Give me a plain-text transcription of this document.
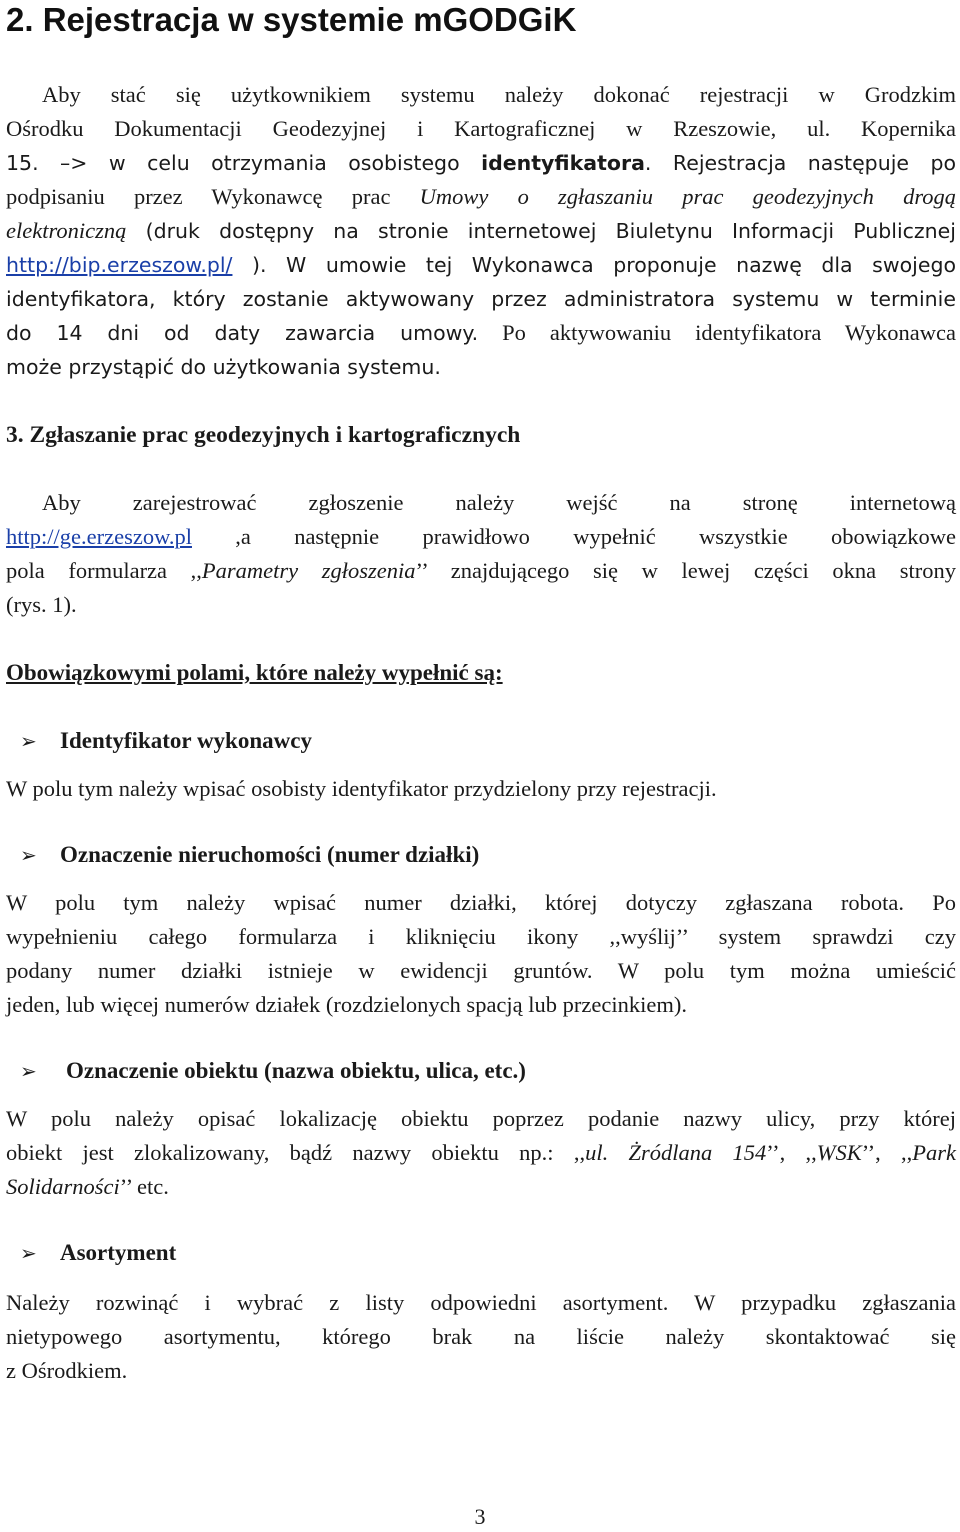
2. Rejestracja w systemie mGODGiK
Aby stać się użytkownikiem systemu należy dokonać rejestracji w Grodzkim
Ośrodku Dokumentacji Geodezyjnej i Kartograficznej w Rzeszowie, ul. Kopernika
15. –> w celu otrzymania osobistego identyfikatora. Rejestracja następuje po
podpisaniu przez Wykonawcę prac Umowy o zgłaszaniu prac geodezyjnych drogą
elektroniczną (druk dostępny na stronie internetowej Biuletynu Informacji Publicznej
http://bip.erzeszow.pl/ ). W umowie tej Wykonawca proponuje nazwę dla swojego
identyfikatora, który zostanie aktywowany przez administratora systemu w terminie
do 14 dni od daty zawarcia umowy. Po aktywowaniu identyfikatora Wykonawca
może przystąpić do użytkowania systemu.
3. Zgłaszanie prac geodezyjnych i kartograficznych
Aby zarejestrować zgłoszenie należy wejść na stronę internetową
http://ge.erzeszow.pl ,a następnie prawidłowo wypełnić wszystkie obowiązkowe
pola formularza ,,Parametry zgłoszenia’’ znajdującego się w lewej części okna strony
(rys. 1).
Obowiązkowymi polami, które należy wypełnić są:
➢ Identyfikator wykonawcy
W polu tym należy wpisać osobisty identyfikator przydzielony przy rejestracji.
➢ Oznaczenie nieruchomości (numer działki)
W polu tym należy wpisać numer działki, której dotyczy zgłaszana robota. Po
wypełnieniu całego formularza i kliknięciu ikony ,,wyślij’’ system sprawdzi czy
podany numer działki istnieje w ewidencji gruntów. W polu tym można umieścić
jeden, lub więcej numerów działek (rozdzielonych spacją lub przecinkiem).
➢ Oznaczenie obiektu (nazwa obiektu, ulica, etc.)
W polu należy opisać lokalizację obiektu poprzez podanie nazwy ulicy, przy której
obiekt jest zlokalizowany, bądź nazwy obiektu np.: ,,ul. Żródlana 154’’, ,,WSK’’, ,,Park
Solidarności’’ etc.
➢ Asortyment
Należy rozwinąć i wybrać z listy odpowiedni asortyment. W przypadku zgłaszania
nietypowego asortymentu, którego brak na liście należy skontaktować się
z Ośrodkiem.
3
